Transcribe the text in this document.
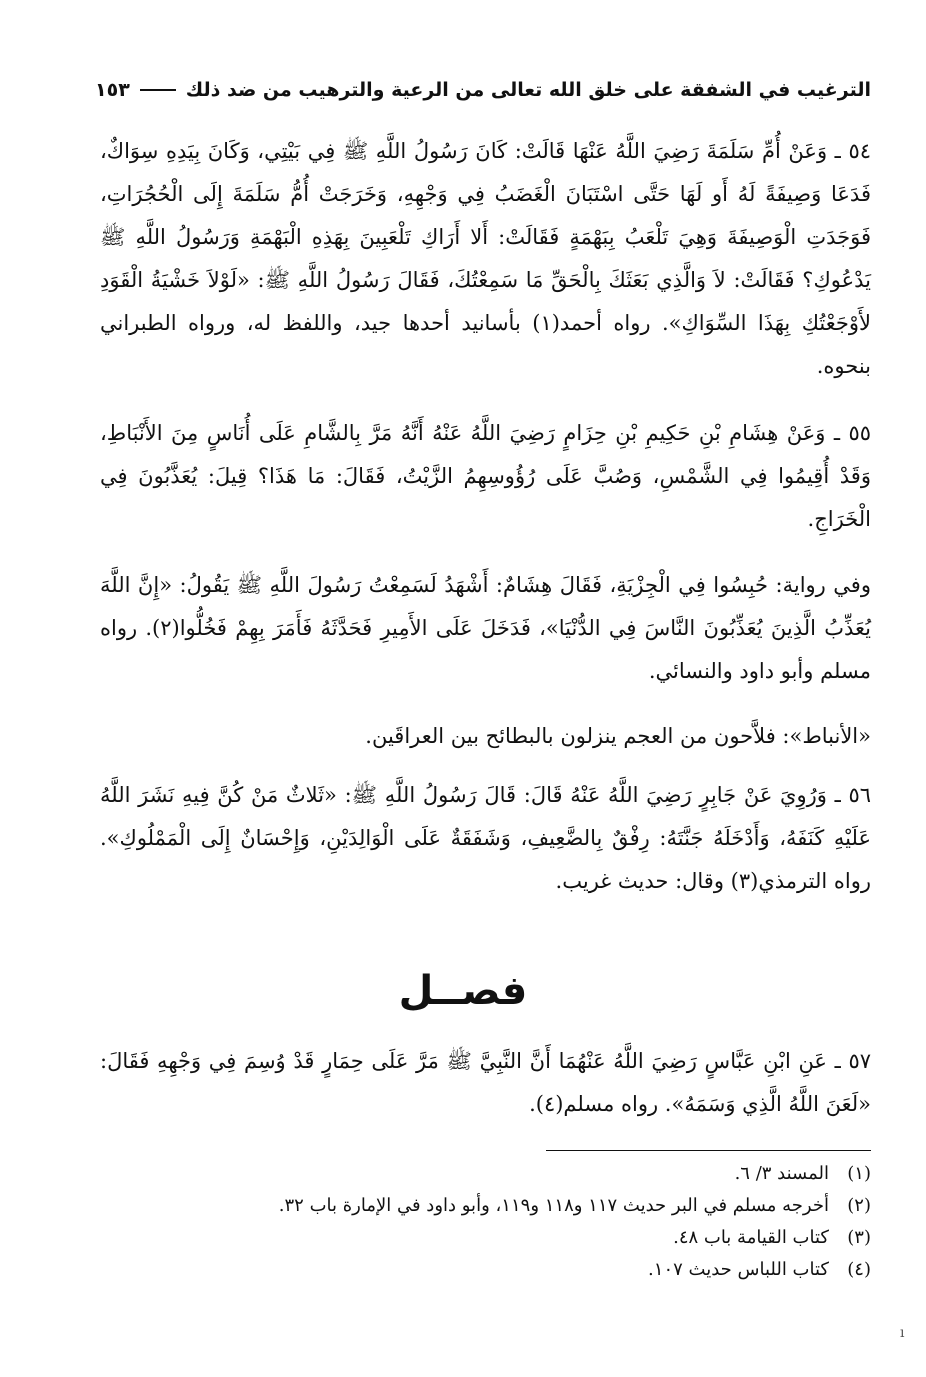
الترغيب في الشفقة على خلق الله تعالى من الرعية والترهيب من ضد ذلك
١٥٣

٥٤ ـ وَعَنْ أُمِّ سَلَمَةَ رَضِيَ اللَّهُ عَنْهَا قَالَتْ: كَانَ رَسُولُ اللَّهِ ﷺ فِي بَيْتِي، وَكَانَ بِيَدِهِ سِوَاكٌ، فَدَعَا وَصِيفَةً لَهُ أَو لَهَا حَتَّى اسْتَبَانَ الْغَضَبُ فِي وَجْهِهِ، وَخَرَجَتْ أُمُّ سَلَمَةَ إِلَى الْحُجُرَاتِ، فَوَجَدَتِ الْوَصِيفَةَ وَهِيَ تَلْعَبُ بِبَهْمَةٍ فَقَالَتْ: أَلا أَرَاكِ تَلْعَبِينَ بِهَذِهِ الْبَهْمَةِ وَرَسُولُ اللَّهِ ﷺ يَدْعُوكِ؟ فَقَالَتْ: لاَ وَالَّذِي بَعَثَكَ بِالْحَقِّ مَا سَمِعْتُكَ، فَقَالَ رَسُولُ اللَّهِ ﷺ: «لَوْلاَ خَشْيَةُ الْقَوَدِ لأَوْجَعْتُكِ بِهَذَا السِّوَاكِ». رواه أحمد(١) بأسانيد أحدها جيد، واللفظ له، ورواه الطبراني بنحوه.

٥٥ ـ وَعَنْ هِشَامِ بْنِ حَكِيمِ بْنِ حِزَامٍ رَضِيَ اللَّهُ عَنْهُ أَنَّهُ مَرَّ بِالشَّامِ عَلَى أُنَاسٍ مِنَ الأَنْبَاطِ، وَقَدْ أُقِيمُوا فِي الشَّمْسِ، وَصُبَّ عَلَى رُؤُوسِهِمُ الزَّيْتُ، فَقَالَ: مَا هَذَا؟ قِيلَ: يُعَذَّبُونَ فِي الْخَرَاجِ.

وفي رواية: حُبِسُوا فِي الْجِزْيَةِ، فَقَالَ هِشَامٌ: أَشْهَدُ لَسَمِعْتُ رَسُولَ اللَّهِ ﷺ يَقُولُ: «إِنَّ اللَّهَ يُعَذِّبُ الَّذِينَ يُعَذِّبُونَ النَّاسَ فِي الدُّنْيَا»، فَدَخَلَ عَلَى الأَمِيرِ فَحَدَّثَهُ فَأَمَرَ بِهِمْ فَخُلُّوا(٢). رواه مسلم وأبو داود والنسائي.

«الأنباط»: فلاَّحون من العجم ينزلون بالبطائح بين العراقَين.

٥٦ ـ وَرُوِيَ عَنْ جَابِرٍ رَضِيَ اللَّهُ عَنْهُ قَالَ: قَالَ رَسُولُ اللَّهِ ﷺ: «ثَلاثٌ مَنْ كُنَّ فِيهِ نَشَرَ اللَّهُ عَلَيْهِ كَنَفَهُ، وَأَدْخَلَهُ جَنَّتَهُ: رِفْقٌ بِالضَّعِيفِ، وَشَفَقَةٌ عَلَى الْوَالِدَيْنِ، وَإِحْسَانٌ إِلَى الْمَمْلُوكِ». رواه الترمذي(٣) وقال: حديث غريب.

فصــل

٥٧ ـ عَنِ ابْنِ عَبَّاسٍ رَضِيَ اللَّهُ عَنْهُمَا أَنَّ النَّبِيَّ ﷺ مَرَّ عَلَى حِمَارٍ قَدْ وُسِمَ فِي وَجْهِهِ فَقَالَ: «لَعَنَ اللَّهُ الَّذِي وَسَمَهُ». رواه مسلم(٤).

(١)المسند ٣/ ٦.
(٢)أخرجه مسلم في البر حديث ١١٧ و١١٨ و١١٩، وأبو داود في الإمارة باب ٣٢.
(٣)كتاب القيامة باب ٤٨.
(٤)كتاب اللباس حديث ١٠٧.
ı
